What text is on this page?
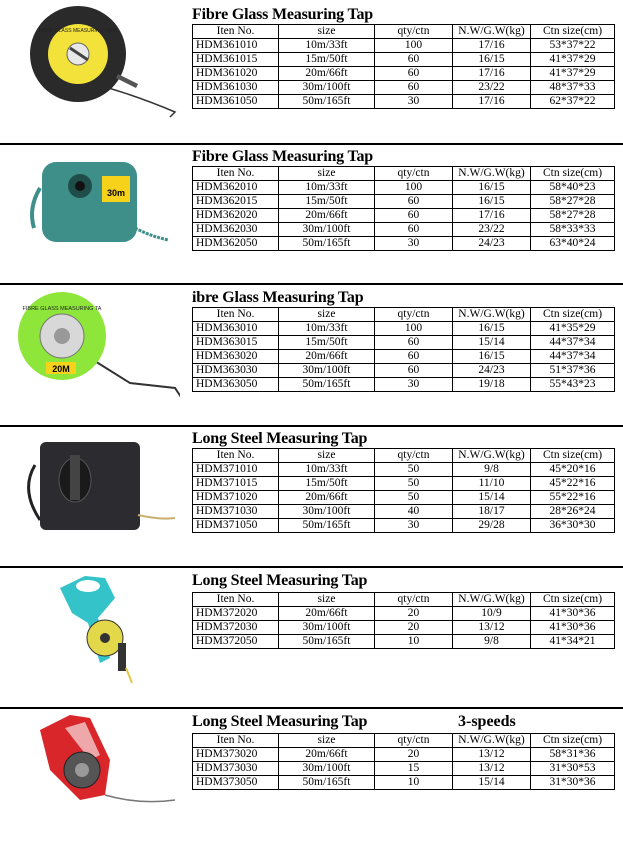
FIBRE GLASS MEASURING TAPE
30m
FIBRE GLASS MEASURING TA
20M
Fibre Glass Measuring Tap
Iten No.	size	qty/ctn	N.W/G.W(kg)	Ctn size(cm)
HDM361010	10m/33ft	100	17/16	53*37*22
HDM361015	15m/50ft	60	16/15	41*37*29
HDM361020	20m/66ft	60	17/16	41*37*29
HDM361030	30m/100ft	60	23/22	48*37*33
HDM361050	50m/165ft	30	17/16	62*37*22
Fibre Glass Measuring Tap
Iten No.	size	qty/ctn	N.W/G.W(kg)	Ctn size(cm)
HDM362010	10m/33ft	100	16/15	58*40*23
HDM362015	15m/50ft	60	16/15	58*27*28
HDM362020	20m/66ft	60	17/16	58*27*28
HDM362030	30m/100ft	60	23/22	58*33*33
HDM362050	50m/165ft	30	24/23	63*40*24
ibre Glass Measuring Tap
Iten No.	size	qty/ctn	N.W/G.W(kg)	Ctn size(cm)
HDM363010	10m/33ft	100	16/15	41*35*29
HDM363015	15m/50ft	60	15/14	44*37*34
HDM363020	20m/66ft	60	16/15	44*37*34
HDM363030	30m/100ft	60	24/23	51*37*36
HDM363050	50m/165ft	30	19/18	55*43*23
Long Steel Measuring Tap
Iten No.	size	qty/ctn	N.W/G.W(kg)	Ctn size(cm)
HDM371010	10m/33ft	50	9/8	45*20*16
HDM371015	15m/50ft	50	11/10	45*22*16
HDM371020	20m/66ft	50	15/14	55*22*16
HDM371030	30m/100ft	40	18/17	28*26*24
HDM371050	50m/165ft	30	29/28	36*30*30
Long Steel Measuring Tap
Iten No.	size	qty/ctn	N.W/G.W(kg)	Ctn size(cm)
HDM372020	20m/66ft	20	10/9	41*30*36
HDM372030	30m/100ft	20	13/12	41*30*36
HDM372050	50m/165ft	10	9/8	41*34*21
Long Steel Measuring Tap	3-speeds
Iten No.	size	qty/ctn	N.W/G.W(kg)	Ctn size(cm)
HDM373020	20m/66ft	20	13/12	58*31*36
HDM373030	30m/100ft	15	13/12	31*30*53
HDM373050	50m/165ft	10	15/14	31*30*36
